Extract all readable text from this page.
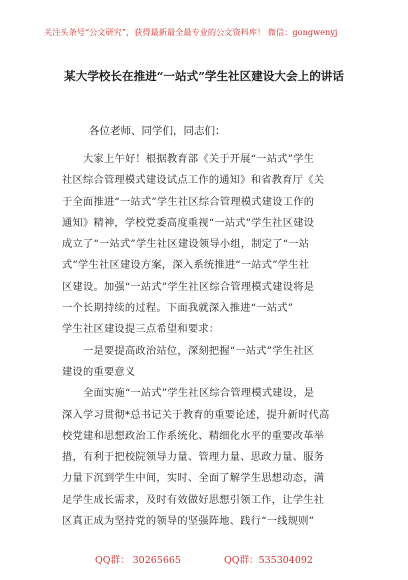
关注头条号“公文研究”，获得最新最全最专业的公文资料库！ 微信：gongwenyj
某大学校长在推进“一站式”学生社区建设大会上的讲话
各位老师、同学们，同志们：
大家上午好！根据教育部《关于开展“一站式”学生
社区综合管理模式建设试点工作的通知》和省教育厅《关
于全面推进“一站式”学生社区综合管理模式建设工作的
通知》精神，学校党委高度重视“一站式”学生社区建设
成立了“一站式”学生社区建设领导小组，制定了“一站
式”学生社区建设方案，深入系统推进“一站式”学生社
区建设。加强“一站式”学生社区综合管理模式建设将是
一个长期持续的过程。下面我就深入推进“一站式”
学生社区建设提三点希望和要求：
一是要提高政治站位，深刻把握“一站式”学生社区
建设的重要意义
全面实施“一站式”学生社区综合管理模式建设，是
深入学习贯彻*总书记关于教育的重要论述，提升新时代高
校党建和思想政治工作系统化、精细化水平的重要改革举
措，有利于把校院领导力量、管理力量、思政力量、服务
力量下沉到学生中间，实时、全面了解学生思想动态，满
足学生成长需求，及时有效做好思想引领工作，让学生社
区真正成为坚持党的领导的坚强阵地、践行“一线规则”
QQ群： 30265665	QQ群：535304092
